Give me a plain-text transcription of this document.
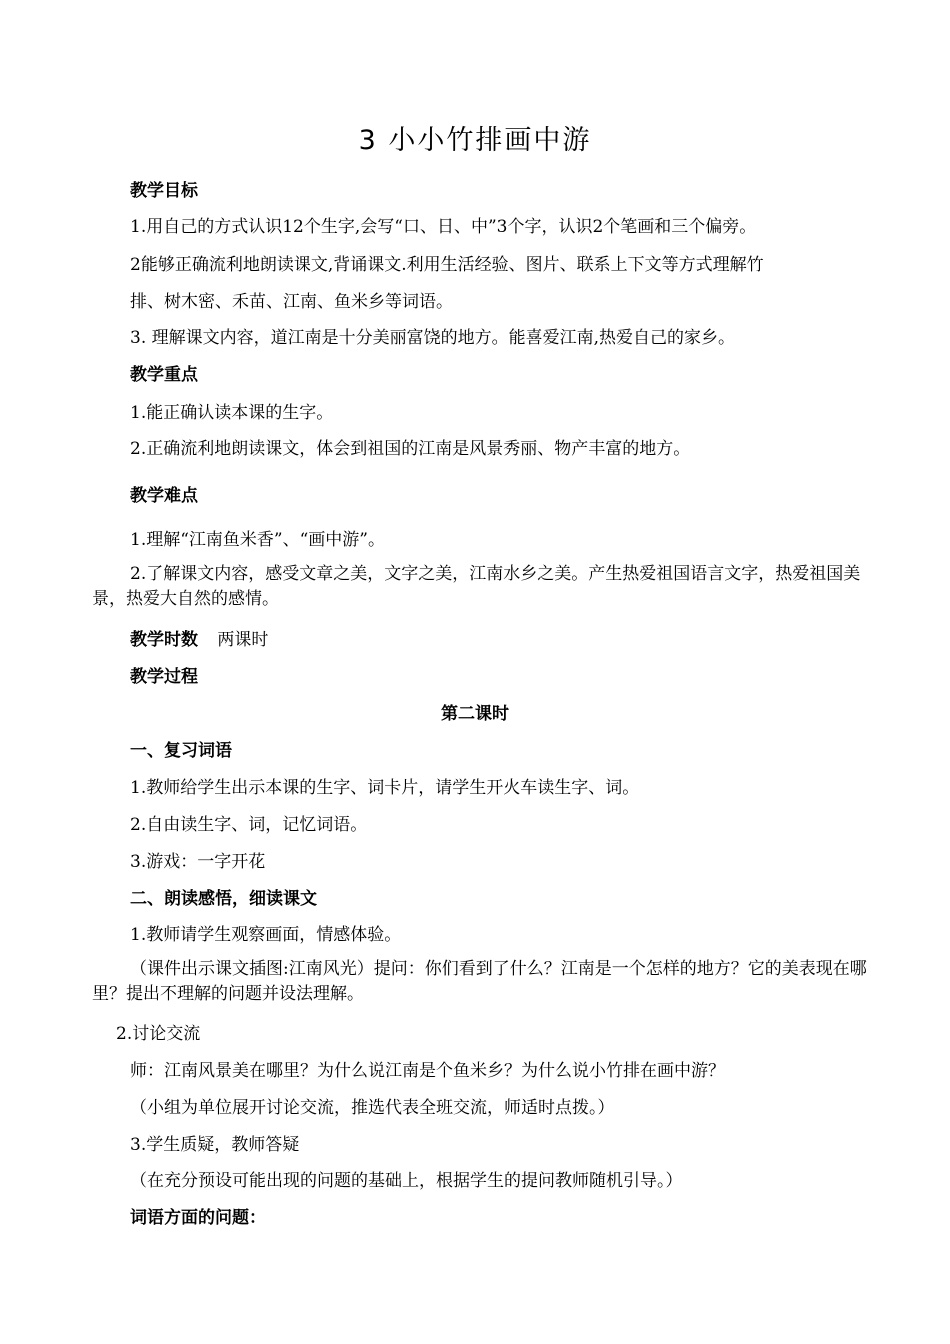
3 小小竹排画中游
教学目标
1.用自己的方式认识12个生字,会写“口、日、中”3个字，认识2个笔画和三个偏旁。
2能够正确流利地朗读课文,背诵课文.利用生活经验、图片、联系上下文等方式理解竹
排、树木密、禾苗、江南、鱼米乡等词语。
3. 理解课文内容，道江南是十分美丽富饶的地方。能喜爱江南,热爱自己的家乡。
教学重点
1.能正确认读本课的生字。
2.正确流利地朗读课文，体会到祖国的江南是风景秀丽、物产丰富的地方。
教学难点
1.理解“江南鱼米香”、“画中游”。
2.了解课文内容，感受文章之美，文字之美，江南水乡之美。产生热爱祖国语言文字，热爱祖国美景，热爱大自然的感情。
教学时数 两课时
教学过程
第二课时
一、复习词语
1.教师给学生出示本课的生字、词卡片，请学生开火车读生字、词。
2.自由读生字、词，记忆词语。
3.游戏：一字开花
二、朗读感悟，细读课文
1.教师请学生观察画面，情感体验。
（课件出示课文插图:江南风光）提问：你们看到了什么？江南是一个怎样的地方？它的美表现在哪里？提出不理解的问题并设法理解。
2.讨论交流
师：江南风景美在哪里？为什么说江南是个鱼米乡？为什么说小竹排在画中游？
（小组为单位展开讨论交流，推选代表全班交流，师适时点拨。）
3.学生质疑，教师答疑
（在充分预设可能出现的问题的基础上，根据学生的提问教师随机引导。）
词语方面的问题：
